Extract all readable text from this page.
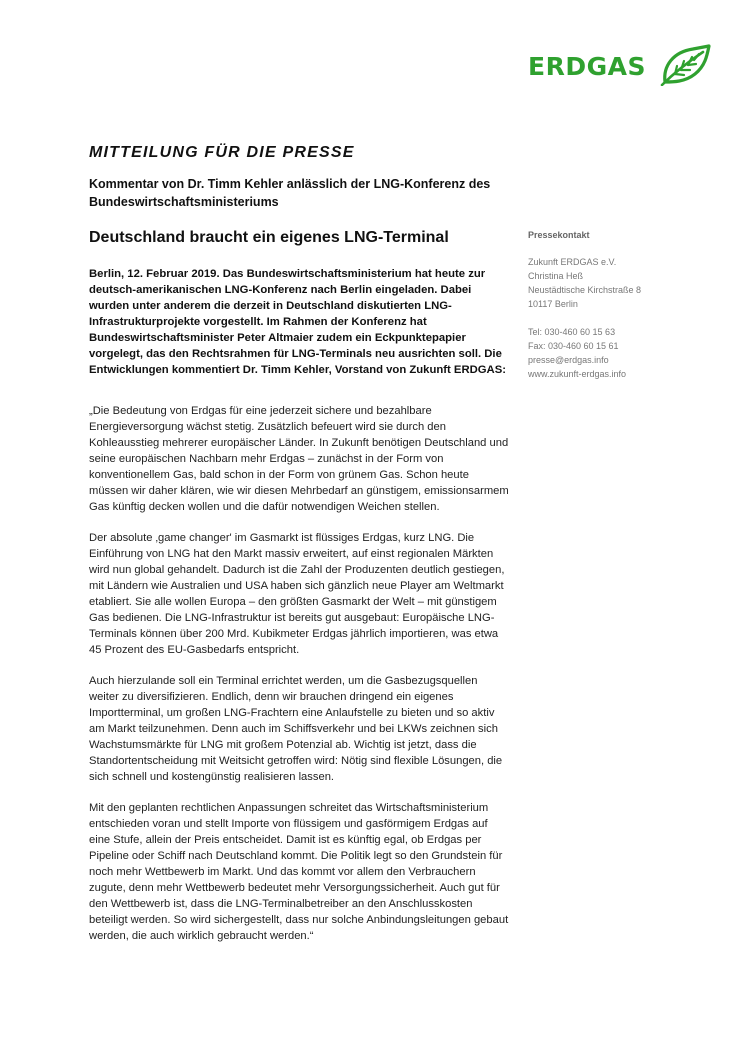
ERDGAS
MITTEILUNG FÜR DIE PRESSE
Kommentar von Dr. Timm Kehler anlässlich der LNG-Konferenz des Bundeswirtschaftsministeriums
Deutschland braucht ein eigenes LNG-Terminal
Berlin, 12. Februar 2019. Das Bundeswirtschaftsministerium hat heute zur deutsch-amerikanischen LNG-Konferenz nach Berlin eingeladen. Dabei wurden unter anderem die derzeit in Deutschland diskutierten LNG-Infrastrukturprojekte vorgestellt. Im Rahmen der Konferenz hat Bundeswirtschaftsminister Peter Altmaier zudem ein Eckpunktepapier vorgelegt, das den Rechtsrahmen für LNG-Terminals neu ausrichten soll. Die Entwicklungen kommentiert Dr. Timm Kehler, Vorstand von Zukunft ERDGAS:

„Die Bedeutung von Erdgas für eine jederzeit sichere und bezahlbare Energieversorgung wächst stetig. Zusätzlich befeuert wird sie durch den Kohleausstieg mehrerer europäischer Länder. In Zukunft benötigen Deutschland und seine europäischen Nachbarn mehr Erdgas – zunächst in der Form von konventionellem Gas, bald schon in der Form von grünem Gas. Schon heute müssen wir daher klären, wie wir diesen Mehrbedarf an günstigem, emissionsarmem Gas künftig decken wollen und die dafür notwendigen Weichen stellen.

Der absolute ‚game changer' im Gasmarkt ist flüssiges Erdgas, kurz LNG. Die Einführung von LNG hat den Markt massiv erweitert, auf einst regionalen Märkten wird nun global gehandelt. Dadurch ist die Zahl der Produzenten deutlich gestiegen, mit Ländern wie Australien und USA haben sich gänzlich neue Player am Weltmarkt etabliert. Sie alle wollen Europa – den größten Gasmarkt der Welt – mit günstigem Gas bedienen. Die LNG-Infrastruktur ist bereits gut ausgebaut: Europäische LNG-Terminals können über 200 Mrd. Kubikmeter Erdgas jährlich importieren, was etwa 45 Prozent des EU-Gasbedarfs entspricht.

Auch hierzulande soll ein Terminal errichtet werden, um die Gasbezugsquellen weiter zu diversifizieren. Endlich, denn wir brauchen dringend ein eigenes Importterminal, um großen LNG-Frachtern eine Anlaufstelle zu bieten und so aktiv am Markt teilzunehmen. Denn auch im Schiffsverkehr und bei LKWs zeichnen sich Wachstumsmärkte für LNG mit großem Potenzial ab. Wichtig ist jetzt, dass die Standortentscheidung mit Weitsicht getroffen wird: Nötig sind flexible Lösungen, die sich schnell und kostengünstig realisieren lassen.

Mit den geplanten rechtlichen Anpassungen schreitet das Wirtschaftsministerium entschieden voran und stellt Importe von flüssigem und gasförmigem Erdgas auf eine Stufe, allein der Preis entscheidet. Damit ist es künftig egal, ob Erdgas per Pipeline oder Schiff nach Deutschland kommt. Die Politik legt so den Grundstein für noch mehr Wettbewerb im Markt. Und das kommt vor allem den Verbrauchern zugute, denn mehr Wettbewerb bedeutet mehr Versorgungssicherheit. Auch gut für den Wettbewerb ist, dass die LNG-Terminalbetreiber an den Anschlusskosten beteiligt werden. So wird sichergestellt, dass nur solche Anbindungsleitungen gebaut werden, die auch wirklich gebraucht werden.“

Pressekontakt

Zukunft ERDGAS e.V.

Christina Heß

Neustädtische Kirchstraße 8

10117 Berlin

Tel: 030-460 60 15 63

Fax: 030-460 60 15 61

presse@erdgas.info

www.zukunft-erdgas.info
